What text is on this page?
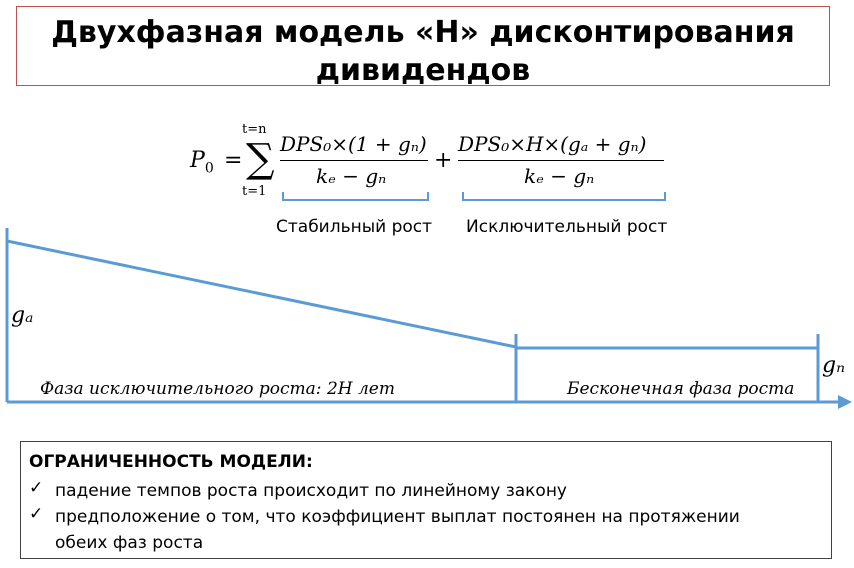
Двухфазная модель «Н» дисконтирования
дивидендов
$P_0$ =
t=n
∑
t=1
DPS₀×(1 + gₙ)
kₑ − gₙ
+
DPS₀×H×(gₐ + gₙ)
kₑ − gₙ
Стабильный рост Исключительный рост
gₐ
gₙ
Фаза исключительного роста: 2Н лет	Бесконечная фаза роста
ОГРАНИЧЕННОСТЬ МОДЕЛИ:
✓ падение темпов роста происходит по линейному закону
✓ предположение о том, что коэффициент выплат постоянен на протяжении обеих фаз роста
